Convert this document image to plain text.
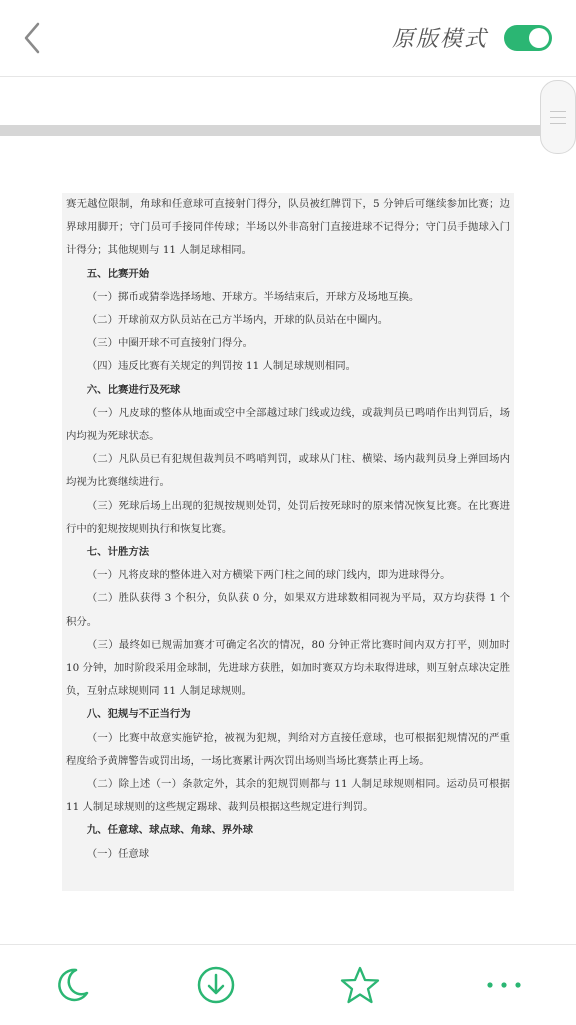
原版模式

赛无越位限制，角球和任意球可直接射门得分，队员被红牌罚下，5 分钟后可继续参加比赛；边界球用脚开；守门员可手接同伴传球；半场以外非高射门直接进球不记得分；守门员手抛球入门计得分；其他规则与 11 人制足球相同。

五、比赛开始

（一）掷币或猜拳选择场地、开球方。半场结束后，开球方及场地互换。

（二）开球前双方队员站在己方半场内，开球的队员站在中圈内。

（三）中圈开球不可直接射门得分。

（四）违反比赛有关规定的判罚按 11 人制足球规则相同。

六、比赛进行及死球

（一）凡皮球的整体从地面或空中全部越过球门线或边线，或裁判员已鸣哨作出判罚后，场内均视为死球状态。

（二）凡队员已有犯规但裁判员不鸣哨判罚，或球从门柱、横梁、场内裁判员身上弹回场内均视为比赛继续进行。

（三）死球后场上出现的犯规按规则处罚，处罚后按死球时的原来情况恢复比赛。在比赛进行中的犯规按规则执行和恢复比赛。

七、计胜方法

（一）凡将皮球的整体进入对方横梁下两门柱之间的球门线内，即为进球得分。

（二）胜队获得 3 个积分，负队获 0 分，如果双方进球数相同视为平局，双方均获得 1 个积分。

（三）最终如已规需加赛才可确定名次的情况，80 分钟正常比赛时间内双方打平，则加时 10 分钟，加时阶段采用金球制，先进球方获胜，如加时赛双方均未取得进球，则互射点球决定胜负，互射点球规则同 11 人制足球规则。

八、犯规与不正当行为

（一）比赛中故意实施铲抢，被视为犯规，判给对方直接任意球，也可根据犯规情况的严重程度给予黄牌警告或罚出场，一场比赛累计两次罚出场则当场比赛禁止再上场。

（二）除上述（一）条款定外，其余的犯规罚则都与 11 人制足球规则相同。运动员可根据 11 人制足球规则的这些规定踢球、裁判员根据这些规定进行判罚。

九、任意球、球点球、角球、界外球

（一）任意球
